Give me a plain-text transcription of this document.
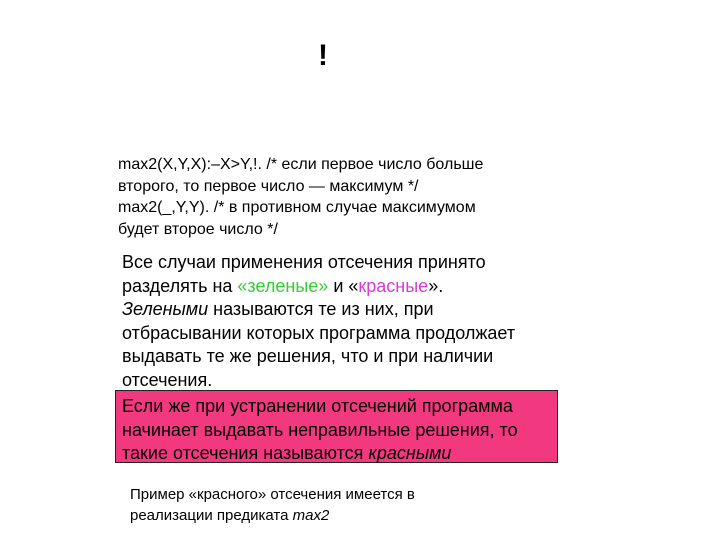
!
max2(X,Y,X):–X>Y,!. /* если первое число больше
второго, то первое число — максимум */
max2(_,Y,Y). /* в противном случае максимумом
будет второе число */
Все случаи применения отсечения принято
разделять на «зеленые» и «красные».
Зелеными называются те из них, при
отбрасывании которых программа продолжает
выдавать те же решения, что и при наличии
отсечения.
Если же при устранении отсечений программа
начинает выдавать неправильные решения, то
такие отсечения называются красными
Пример «красного» отсечения имеется в
реализации предиката max2
